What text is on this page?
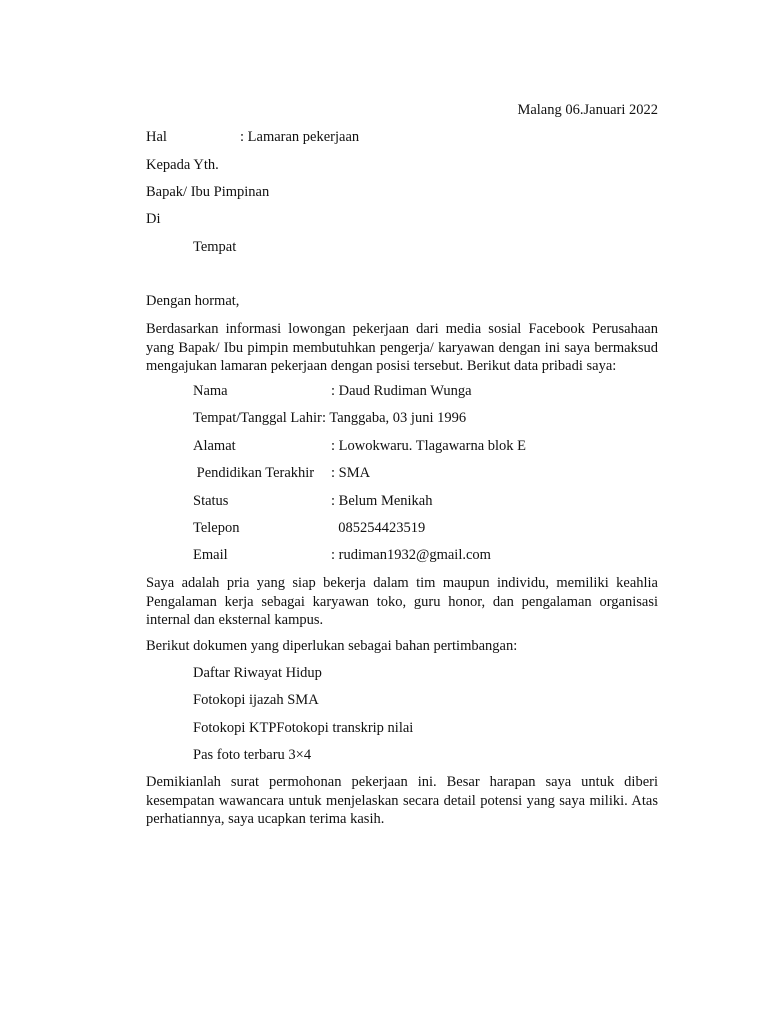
Malang 06.Januari 2022
Hal	: Lamaran pekerjaan
Kepada Yth.
Bapak/ Ibu Pimpinan
Di
Tempat
Dengan hormat,
Berdasarkan informasi lowongan pekerjaan dari media sosial Facebook Perusahaan yang Bapak/ Ibu pimpin membutuhkan pengerja/ karyawan dengan ini saya bermaksud mengajukan lamaran pekerjaan dengan posisi tersebut. Berikut data pribadi saya:
Nama	: Daud Rudiman Wunga
Tempat/Tanggal Lahir : Tanggaba, 03 juni 1996
Alamat	: Lowokwaru. Tlagawarna blok E
Pendidikan Terakhir : SMA
Status	: Belum Menikah
Telepon	085254423519
Email	: rudiman1932@gmail.com
Saya adalah pria yang siap bekerja dalam tim maupun individu, memiliki keahlia Pengalaman kerja sebagai karyawan toko, guru honor, dan pengalaman organisasi internal dan eksternal kampus.
Berikut dokumen yang diperlukan sebagai bahan pertimbangan:
Daftar Riwayat Hidup
Fotokopi ijazah SMA
Fotokopi KTPFotokopi transkrip nilai
Pas foto terbaru 3×4
Demikianlah surat permohonan pekerjaan ini. Besar harapan saya untuk diberi kesempatan wawancara untuk menjelaskan secara detail potensi yang saya miliki. Atas perhatiannya, saya ucapkan terima kasih.
